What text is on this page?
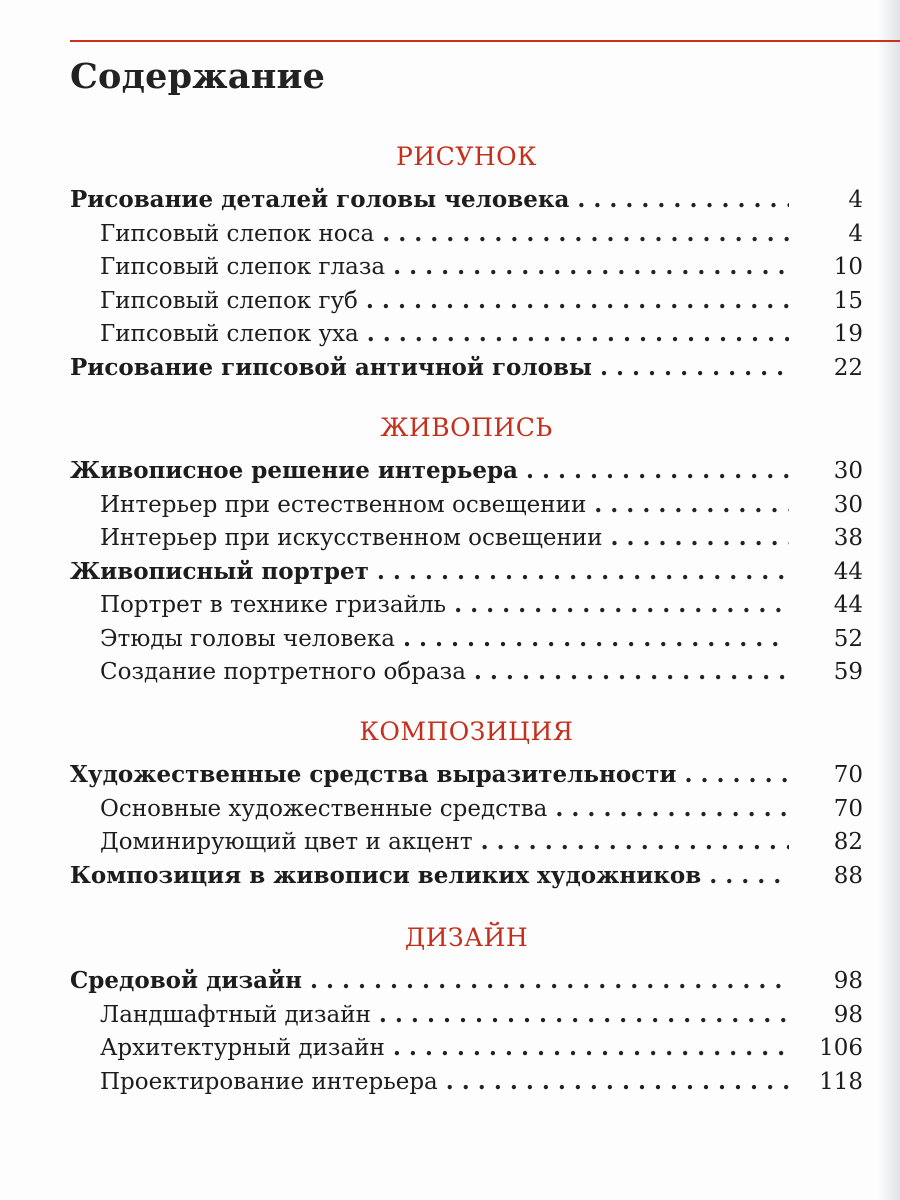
Содержание
РИСУНОК
Рисование деталей головы человека . . .	4
Гипсовый слепок носа . . .	4
Гипсовый слепок глаза . . .	10
Гипсовый слепок губ . . .	15
Гипсовый слепок уха . . .	19
Рисование гипсовой античной головы . . .	22
ЖИВОПИСЬ
Живописное решение интерьера . . .	30
Интерьер при естественном освещении . . .	30
Интерьер при искусственном освещении . . .	38
Живописный портрет . . .	44
Портрет в технике гризайль . . .	44
Этюды головы человека . . .	52
Создание портретного образа . . .	59
КОМПОЗИЦИЯ
Художественные средства выразительности . . .	70
Основные художественные средства . . .	70
Доминирующий цвет и акцент . . .	82
Композиция в живописи великих художников . . .	88
ДИЗАЙН
Средовой дизайн . . .	98
Ландшафтный дизайн . . .	98
Архитектурный дизайн . . .	106
Проектирование интерьера . . .	118
